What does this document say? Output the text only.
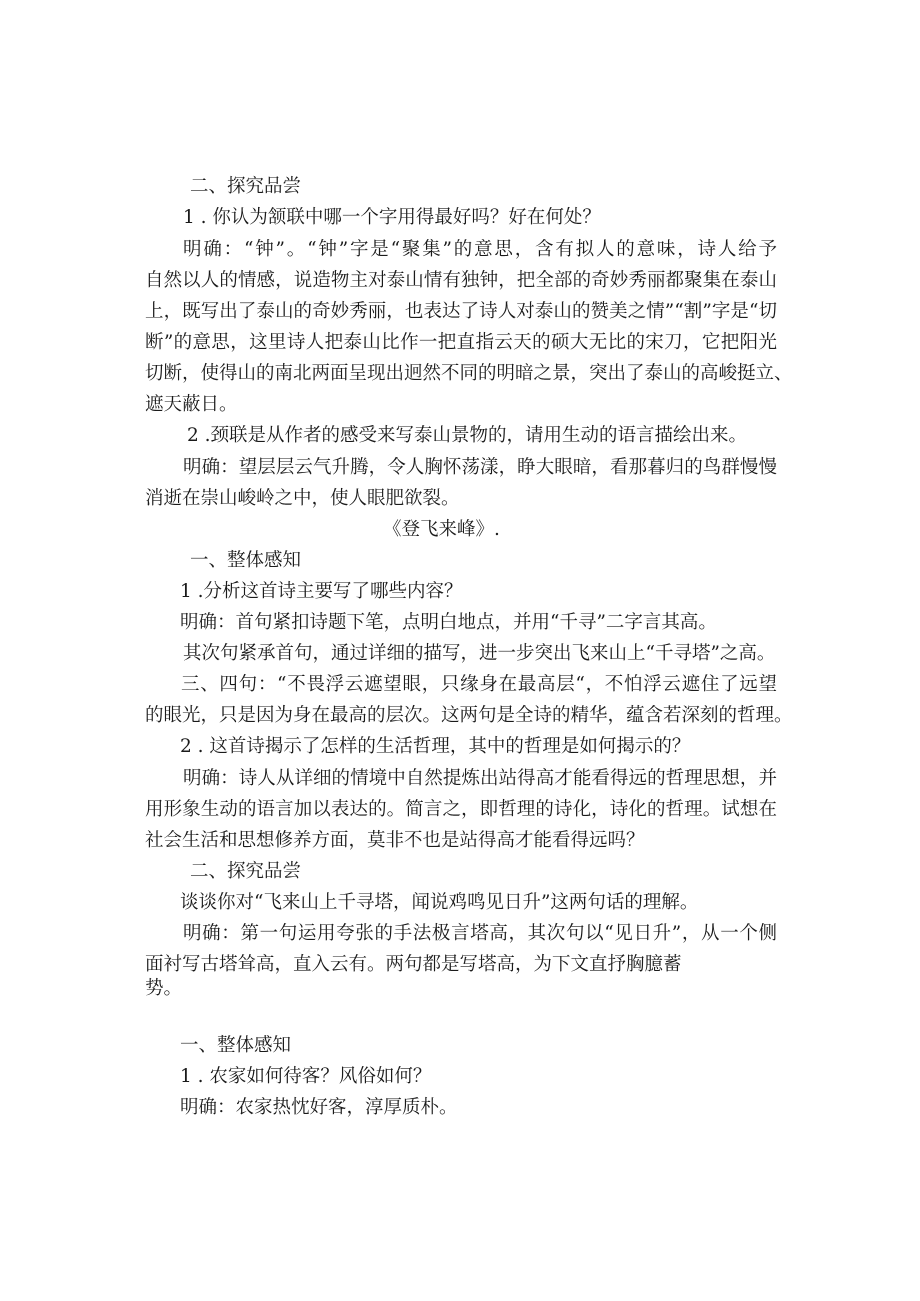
二、探究品尝
1 . 你认为颔联中哪一个字用得最好吗？好在何处？
明确：“钟”。“钟”字是“聚集”的意思，含有拟人的意味，诗人给予
自然以人的情感，说造物主对泰山情有独钟，把全部的奇妙秀丽都聚集在泰山
上，既写出了泰山的奇妙秀丽，也表达了诗人对泰山的赞美之情”“割”字是“切
断”的意思，这里诗人把泰山比作一把直指云天的硕大无比的宋刀，它把阳光
切断，使得山的南北两面呈现出迥然不同的明暗之景，突出了泰山的高峻挺立、
遮天蔽日。
2 .颈联是从作者的感受来写泰山景物的，请用生动的语言描绘出来。
明确：望层层云气升腾，令人胸怀荡漾，睁大眼暗，看那暮归的鸟群慢慢
消逝在崇山峻岭之中，使人眼肥欲裂。
《登飞来峰》.
一、整体感知
1 .分析这首诗主要写了哪些内容？
明确：首句紧扣诗题下笔，点明白地点，并用“千寻”二字言其高。
其次句紧承首句，通过详细的描写，进一步突出飞来山上“千寻塔”之高。
三、四句：“不畏浮云遮望眼，只缘身在最高层“，不怕浮云遮住了远望
的眼光，只是因为身在最高的层次。这两句是全诗的精华，蕴含若深刻的哲理。
2 . 这首诗揭示了怎样的生活哲理，其中的哲理是如何揭示的？
明确：诗人从详细的情境中自然提炼出站得高才能看得远的哲理思想，并
用形象生动的语言加以表达的。简言之，即哲理的诗化，诗化的哲理。试想在
社会生活和思想修养方面，莫非不也是站得高才能看得远吗？
二、探究品尝
谈谈你对“飞来山上千寻塔，闻说鸡鸣见日升”这两句话的理解。
明确：第一句运用夸张的手法极言塔高，其次句以“见日升”，从一个侧
面衬写古塔耸高，直入云有。两句都是写塔高，为下文直抒胸臆蓄
势。
一、整体感知
1 . 农家如何待客？风俗如何？
明确：农家热忱好客，淳厚质朴。
